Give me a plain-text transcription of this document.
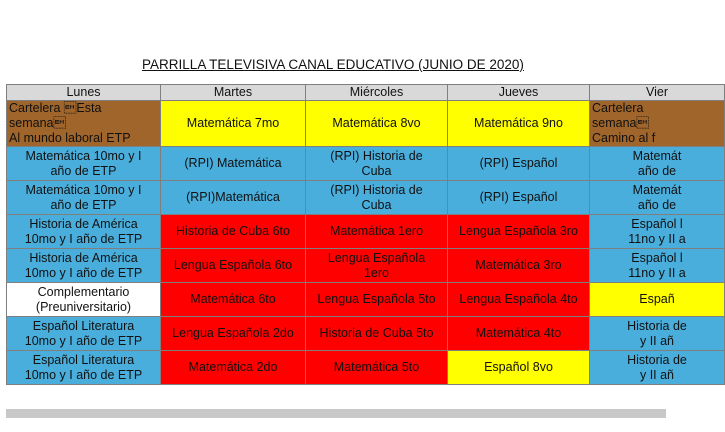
PARRILLA TELEVISIVA CANAL EDUCATIVO (JUNIO DE 2020)
Lunes	Martes	Miércoles	Jueves	Vier

Cartelera Esta
semana
Al mundo laboral ETP	Matemática 7mo	Matemática 8vo	Matemática 9no	Cartelera
semana
Camino al f

Matemática 10mo y I
año de ETP	(RPI) Matemática	(RPI) Historia de
Cuba	(RPI) Español	Matemát
año de

Matemática 10mo y I
año de ETP	(RPI)Matemática	(RPI) Historia de
Cuba	(RPI) Español	Matemát
año de

Historia de América
10mo y I año de ETP	Historia de Cuba 6to	Matemática 1ero	Lengua Española 3ro	Español l
11no y II a

Historia de América
10mo y I año de ETP	Lengua Española 6to	Lengua Española
1ero	Matemática 3ro	Español l
11no y II a

Complementario
(Preuniversitario)	Matemática 6to	Lengua Española 5to	Lengua Española 4to	Españ

Español Literatura
10mo y I año de ETP	Lengua Española 2do	Historia de Cuba 5to	Matemática 4to	Historia de
y II añ

Español Literatura
10mo y I año de ETP	Matemática 2do	Matemática 5to	Español 8vo	Historia de
y II añ
